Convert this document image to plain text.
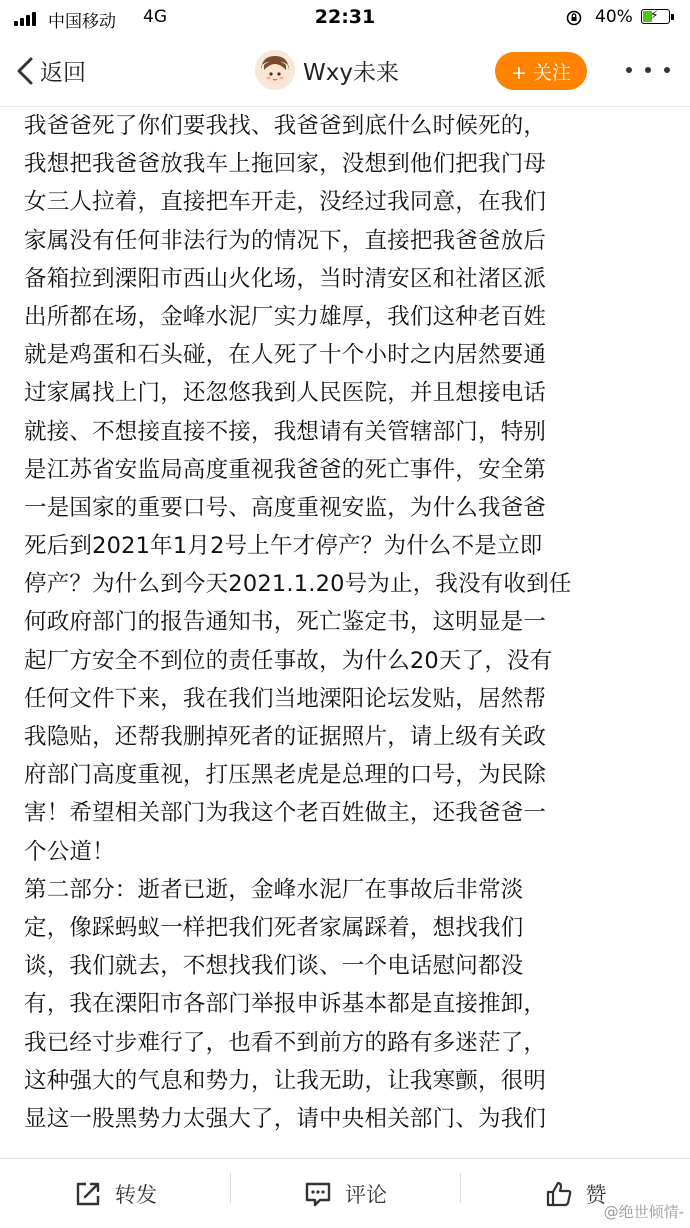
中国移动 4G	22:31	40% ⚡
返回	Wxy未来	+ 关注
我爸爸死了你们要我找、我爸爸到底什么时候死的，
我想把我爸爸放我车上拖回家，没想到他们把我门母
女三人拉着，直接把车开走，没经过我同意，在我们
家属没有任何非法行为的情况下，直接把我爸爸放后
备箱拉到溧阳市西山火化场，当时清安区和社渚区派
出所都在场，金峰水泥厂实力雄厚，我们这种老百姓
就是鸡蛋和石头碰，在人死了十个小时之内居然要通
过家属找上门，还忽悠我到人民医院，并且想接电话
就接、不想接直接不接，我想请有关管辖部门，特别
是江苏省安监局高度重视我爸爸的死亡事件，安全第
一是国家的重要口号、高度重视安监，为什么我爸爸
死后到2021年1月2号上午才停产？为什么不是立即
停产？为什么到今天2021.1.20号为止，我没有收到任
何政府部门的报告通知书，死亡鉴定书，这明显是一
起厂方安全不到位的责任事故，为什么20天了，没有
任何文件下来，我在我们当地溧阳论坛发贴，居然帮
我隐贴，还帮我删掉死者的证据照片，请上级有关政
府部门高度重视，打压黑老虎是总理的口号，为民除
害！希望相关部门为我这个老百姓做主，还我爸爸一
个公道！
第二部分：逝者已逝，金峰水泥厂在事故后非常淡
定，像踩蚂蚁一样把我们死者家属踩着，想找我们
谈，我们就去，不想找我们谈、一个电话慰问都没
有，我在溧阳市各部门举报申诉基本都是直接推卸，
我已经寸步难行了，也看不到前方的路有多迷茫了，
这种强大的气息和势力，让我无助，让我寒颤，很明
显这一股黑势力太强大了，请中央相关部门、为我们
转发	评论	赞
@绝世倾情-
